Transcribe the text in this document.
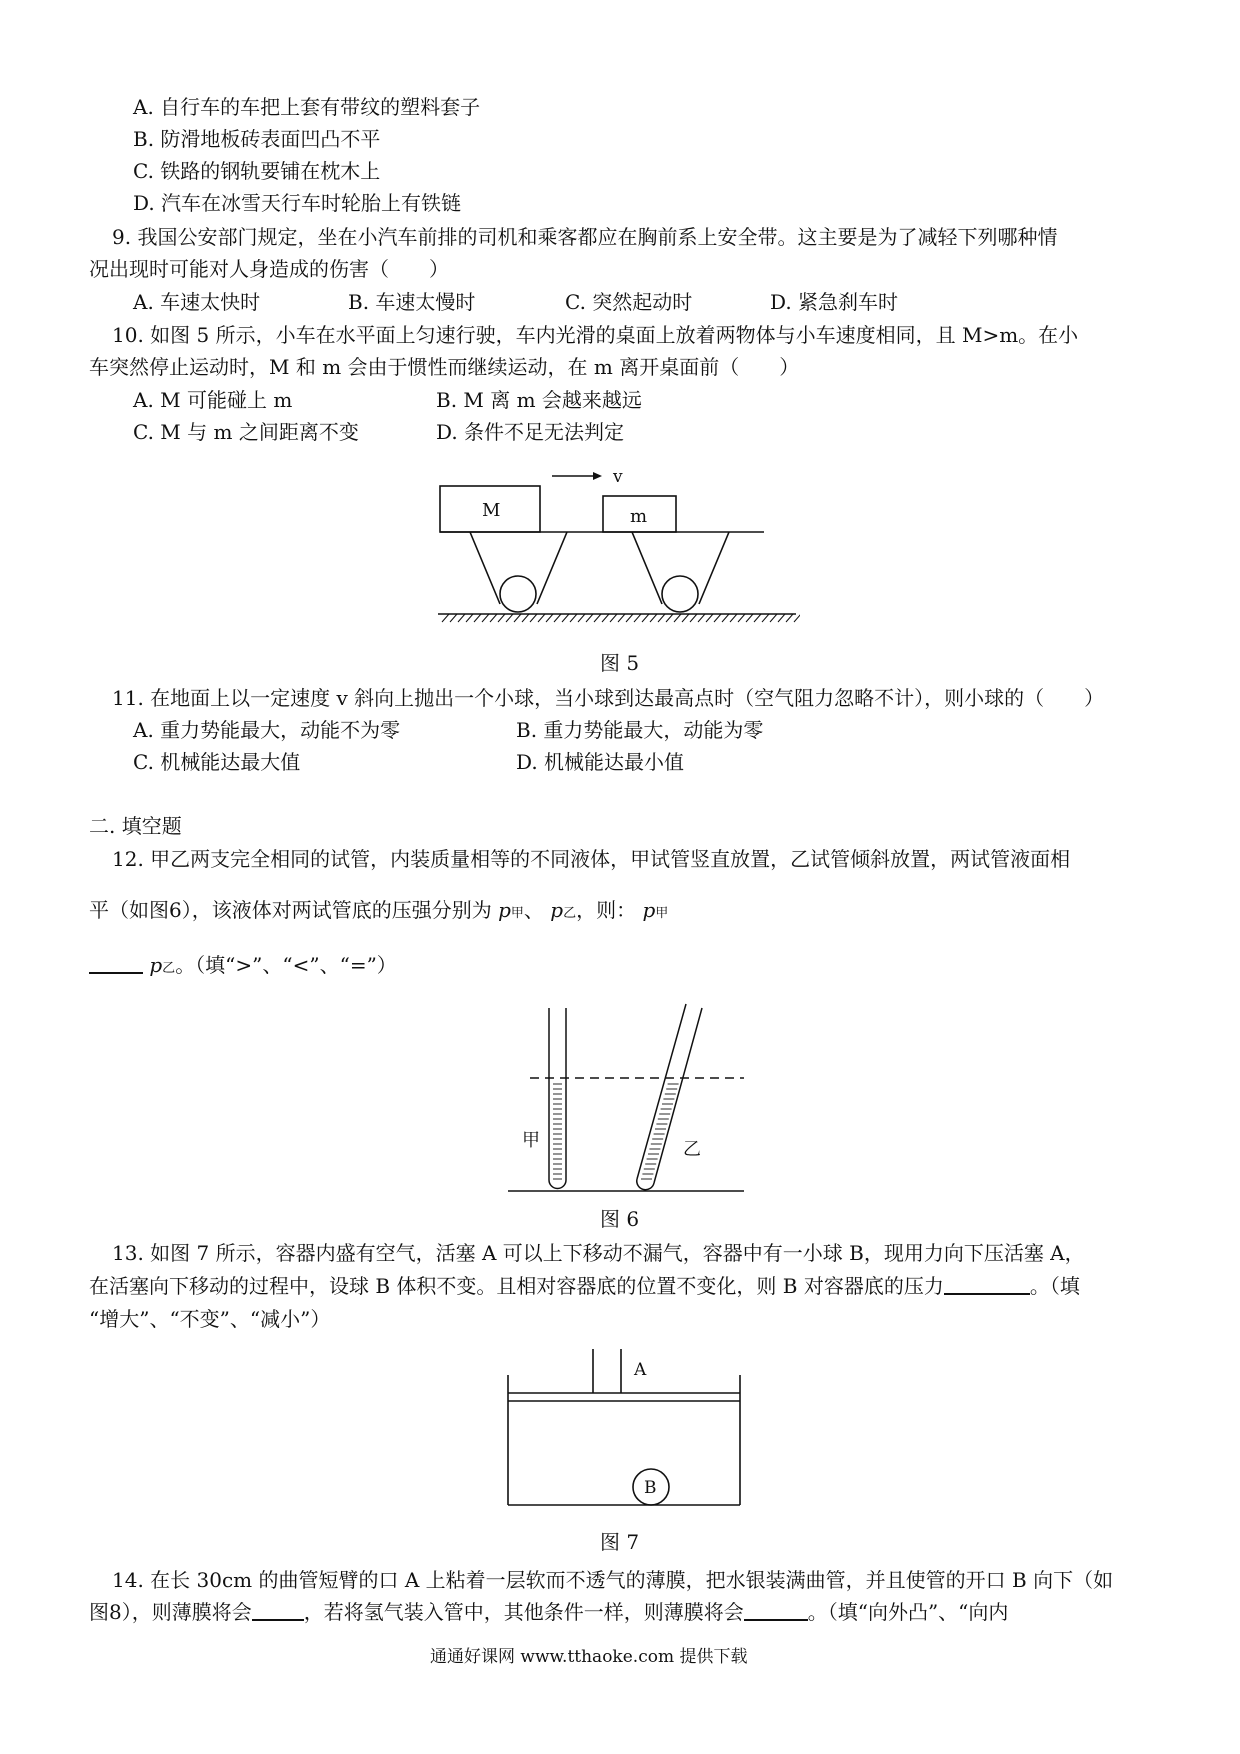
A. 自行车的车把上套有带纹的塑料套子
B. 防滑地板砖表面凹凸不平
C. 铁路的钢轨要铺在枕木上
D. 汽车在冰雪天行车时轮胎上有铁链
9. 我国公安部门规定，坐在小汽车前排的司机和乘客都应在胸前系上安全带。这主要是为了减轻下列哪种情
况出现时可能对人身造成的伤害（　　）
A. 车速太快时	B. 车速太慢时	C. 突然起动时	D. 紧急刹车时
10. 如图 5 所示，小车在水平面上匀速行驶，车内光滑的桌面上放着两物体与小车速度相同，且 M>m。在小
车突然停止运动时，M 和 m 会由于惯性而继续运动，在 m 离开桌面前（　　）
A. M 可能碰上 m	B. M 离 m 会越来越远
C. M 与 m 之间距离不变	D. 条件不足无法判定
M	m
v
图 5
11. 在地面上以一定速度 v 斜向上抛出一个小球，当小球到达最高点时（空气阻力忽略不计），则小球的（　　）
A. 重力势能最大，动能不为零	B. 重力势能最大，动能为零
C. 机械能达最大值	D. 机械能达最小值
二. 填空题
12. 甲乙两支完全相同的试管，内装质量相等的不同液体，甲试管竖直放置，乙试管倾斜放置，两试管液面相
平（如图6），该液体对两试管底的压强分别为 p甲、 p乙，则： p甲
p乙。（填“>”、“<”、“=”）
甲	乙
图 6
13. 如图 7 所示，容器内盛有空气，活塞 A 可以上下移动不漏气，容器中有一小球 B，现用力向下压活塞 A，
在活塞向下移动的过程中，设球 B 体积不变。且相对容器底的位置不变化，则 B 对容器底的压力	。（填
“增大”、“不变”、“减小”）
A
B
图 7
14. 在长 30cm 的曲管短臂的口 A 上粘着一层软而不透气的薄膜，把水银装满曲管，并且使管的开口 B 向下（如
图8），则薄膜将会	，若将氢气装入管中，其他条件一样，则薄膜将会	。（填“向外凸”、“向内
通通好课网 www.tthaoke.com 提供下载
